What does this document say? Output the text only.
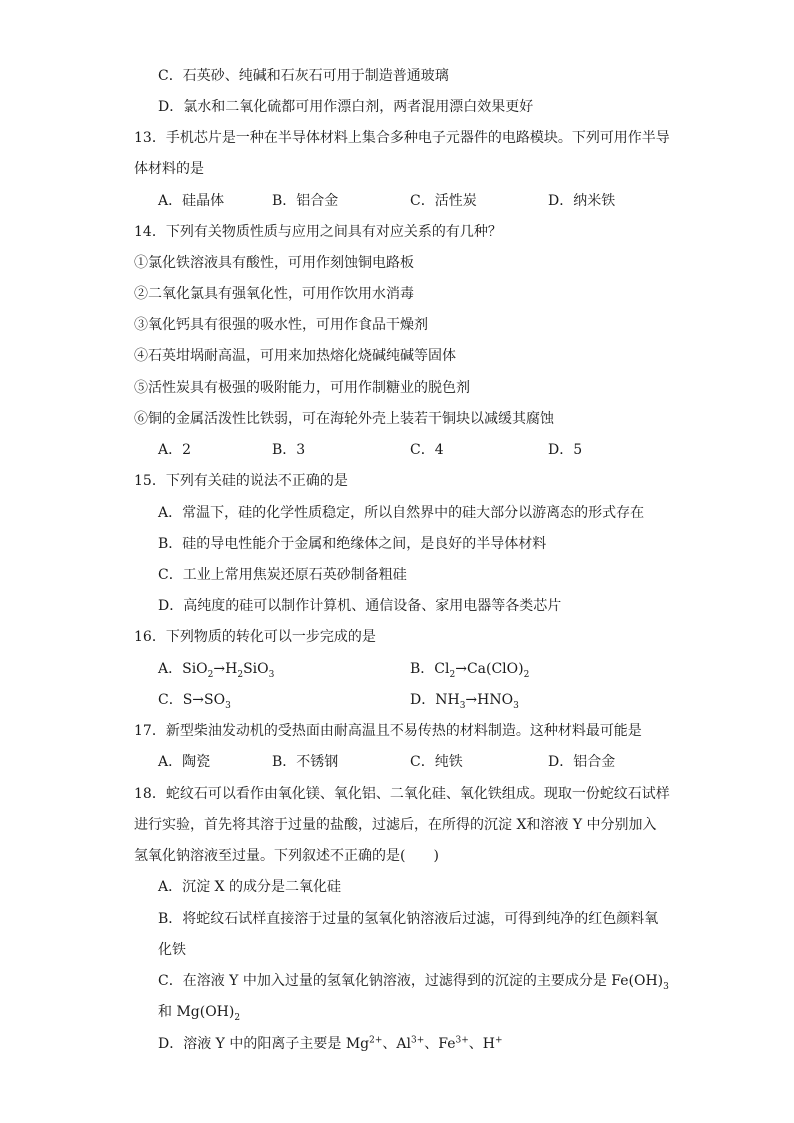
C．石英砂、纯碱和石灰石可用于制造普通玻璃
D．氯水和二氧化硫都可用作漂白剂，两者混用漂白效果更好
13．手机芯片是一种在半导体材料上集合多种电子元器件的电路模块。下列可用作半导
体材料的是
A．硅晶体	B．铝合金	C．活性炭	D．纳米铁
14．下列有关物质性质与应用之间具有对应关系的有几种？
①氯化铁溶液具有酸性，可用作刻蚀铜电路板
②二氧化氯具有强氧化性，可用作饮用水消毒
③氧化钙具有很强的吸水性，可用作食品干燥剂
④石英坩埚耐高温，可用来加热熔化烧碱纯碱等固体
⑤活性炭具有极强的吸附能力，可用作制糖业的脱色剂
⑥铜的金属活泼性比铁弱，可在海轮外壳上装若干铜块以减缓其腐蚀
A．2	B．3	C．4	D．5
15．下列有关硅的说法不正确的是
A．常温下，硅的化学性质稳定，所以自然界中的硅大部分以游离态的形式存在
B．硅的导电性能介于金属和绝缘体之间，是良好的半导体材料
C．工业上常用焦炭还原石英砂制备粗硅
D．高纯度的硅可以制作计算机、通信设备、家用电器等各类芯片
16．下列物质的转化可以一步完成的是
A．$SiO_2\to H_2SiO_3$	B．$Cl_2\to Ca(ClO)_2$
C．$S\to SO_3$	D．$NH_3\to HNO_3$
17．新型柴油发动机的受热面由耐高温且不易传热的材料制造。这种材料最可能是
A．陶瓷	B．不锈钢	C．纯铁	D．铝合金
18．蛇纹石可以看作由氧化镁、氧化铝、二氧化硅、氧化铁组成。现取一份蛇纹石试样
进行实验，首先将其溶于过量的盐酸，过滤后，在所得的沉淀 X和溶液 Y 中分别加入
氢氧化钠溶液至过量。下列叙述不正确的是(　　)
A．沉淀 X 的成分是二氧化硅
B．将蛇纹石试样直接溶于过量的氢氧化钠溶液后过滤，可得到纯净的红色颜料氧
化铁
C．在溶液 Y 中加入过量的氢氧化钠溶液，过滤得到的沉淀的主要成分是 $Fe(OH)_3$
和 $Mg(OH)_2$
D．溶液 Y 中的阳离子主要是 $Mg^{2+}$、$Al^{3+}$、$Fe^{3+}$、H+
